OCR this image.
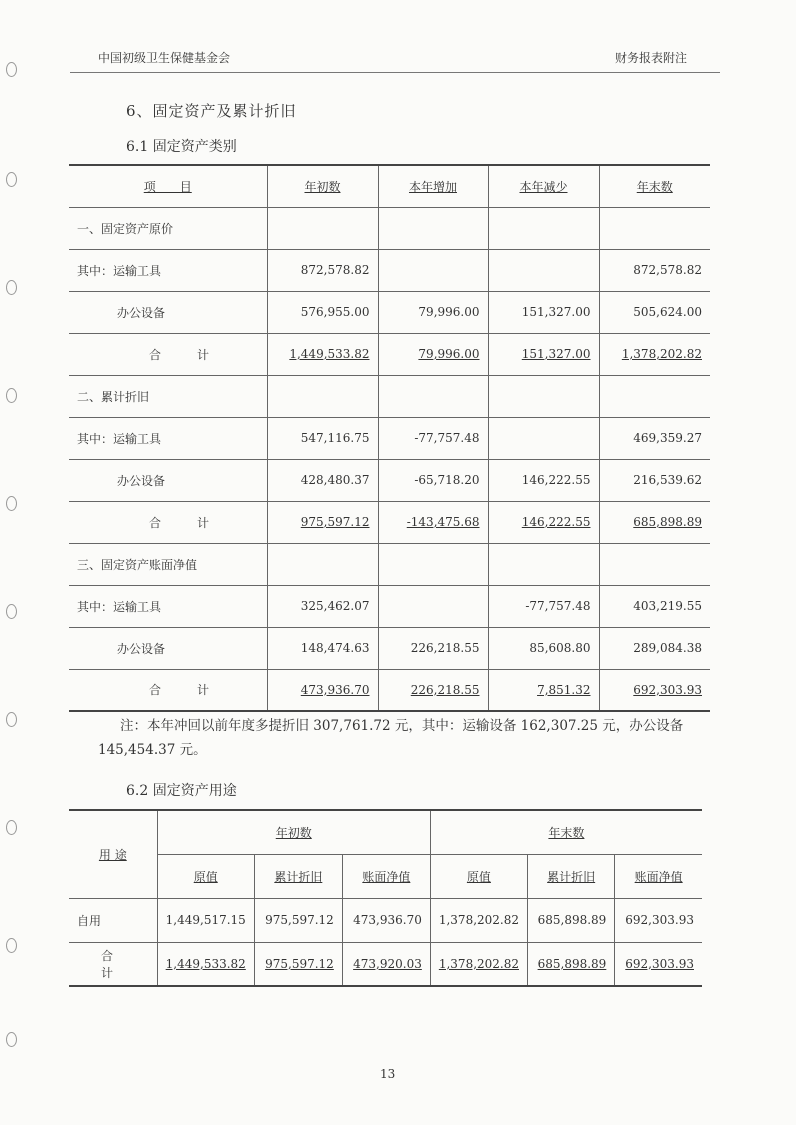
中国初级卫生保健基金会	财务报表附注
6、固定资产及累计折旧
6.1 固定资产类别
项　　目	年初数	本年增加	本年减少	年末数
一、固定资产原价				
其中：运输工具	872,578.82			872,578.82
办公设备	576,955.00	79,996.00	151,327.00	505,624.00
合　计	1,449,533.82	79,996.00	151,327.00	1,378,202.82
二、累计折旧				
其中：运输工具	547,116.75	-77,757.48		469,359.27
办公设备	428,480.37	-65,718.20	146,222.55	216,539.62
合　计	975,597.12	-143,475.68	146,222.55	685,898.89
三、固定资产账面净值				
其中：运输工具	325,462.07		-77,757.48	403,219.55
办公设备	148,474.63	226,218.55	85,608.80	289,084.38
合　计	473,936.70	226,218.55	7,851.32	692,303.93
注：本年冲回以前年度多提折旧 307,761.72 元，其中：运输设备 162,307.25 元，办公设备 145,454.37 元。
6.2 固定资产用途
用 途	年初数			年末数		
	原值	累计折旧	账面净值	原值	累计折旧	账面净值
自用	1,449,517.15	975,597.12	473,936.70	1,378,202.82	685,898.89	692,303.93
合 计	1,449,533.82	975,597.12	473,920.03	1,378,202.82	685,898.89	692,303.93
13
